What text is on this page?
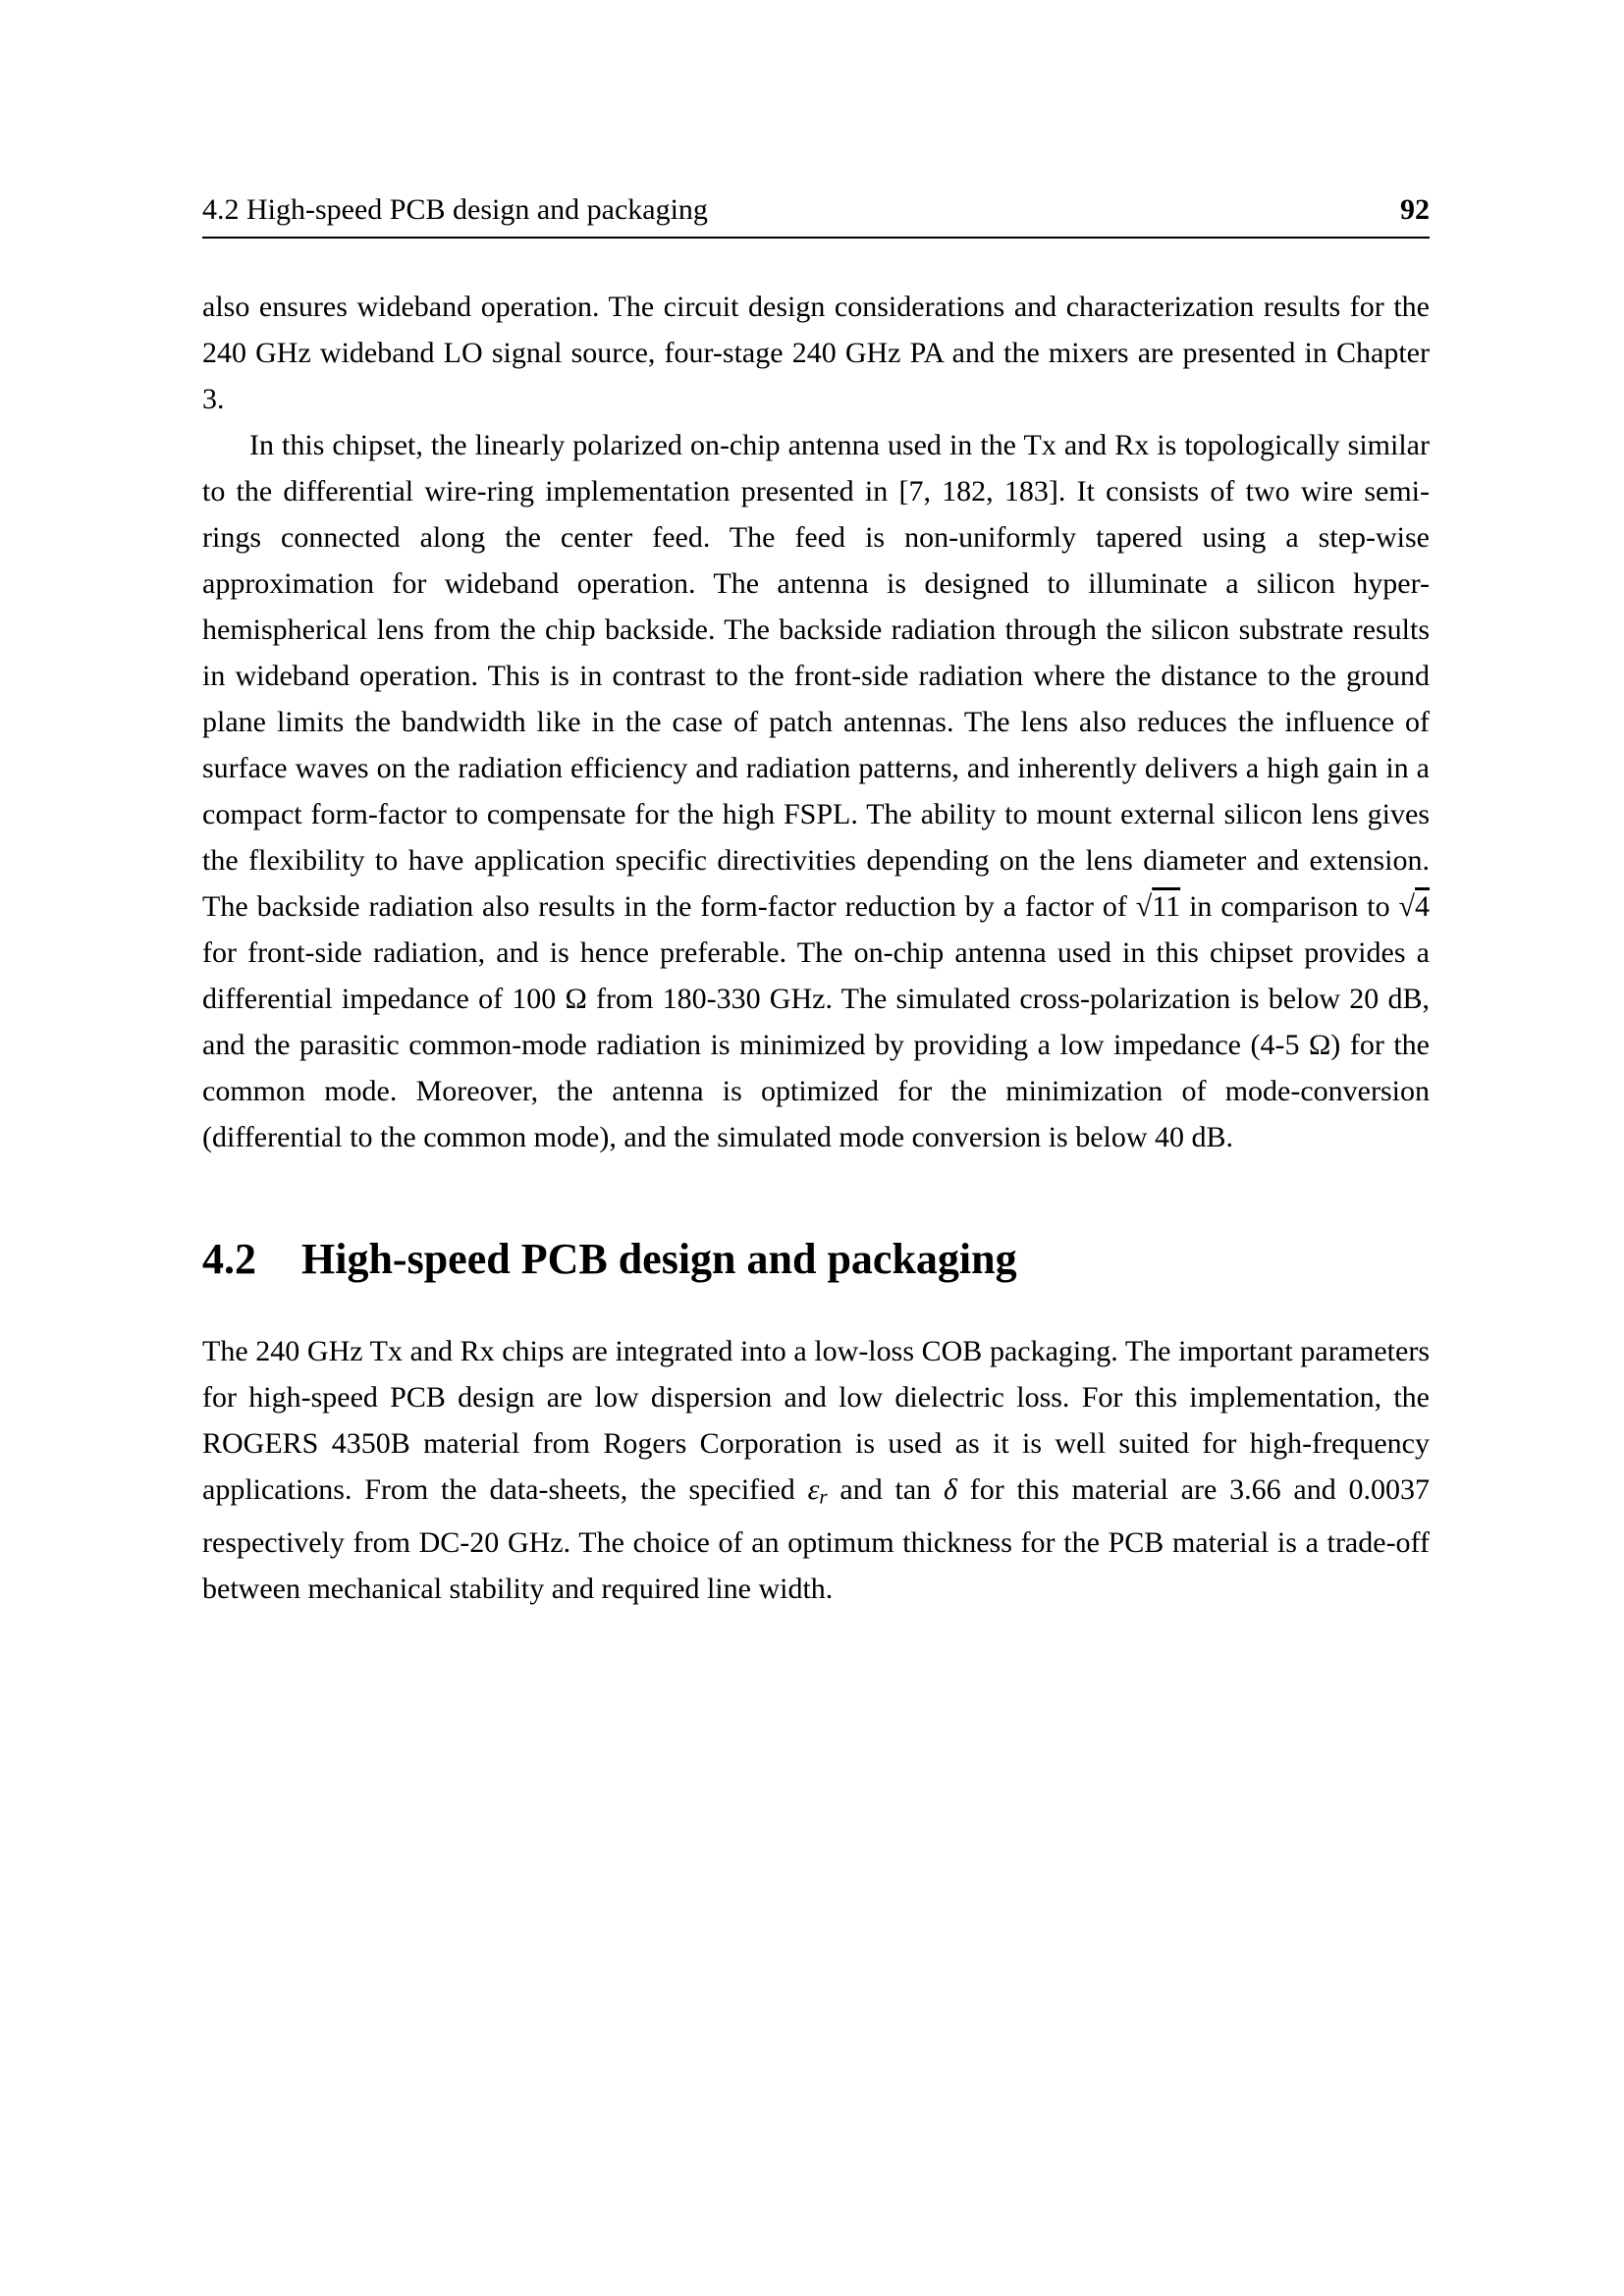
4.2 High-speed PCB design and packaging	92

also ensures wideband operation. The circuit design considerations and characterization results for the 240 GHz wideband LO signal source, four-stage 240 GHz PA and the mixers are presented in Chapter 3.

In this chipset, the linearly polarized on-chip antenna used in the Tx and Rx is topologically similar to the differential wire-ring implementation presented in [7, 182, 183]. It consists of two wire semi-rings connected along the center feed. The feed is non-uniformly tapered using a step-wise approximation for wideband operation. The antenna is designed to illuminate a silicon hyper-hemispherical lens from the chip backside. The backside radiation through the silicon substrate results in wideband operation. This is in contrast to the front-side radiation where the distance to the ground plane limits the bandwidth like in the case of patch antennas. The lens also reduces the influence of surface waves on the radiation efficiency and radiation patterns, and inherently delivers a high gain in a compact form-factor to compensate for the high FSPL. The ability to mount external silicon lens gives the flexibility to have application specific directivities depending on the lens diameter and extension. The backside radiation also results in the form-factor reduction by a factor of √11 in comparison to √4 for front-side radiation, and is hence preferable. The on-chip antenna used in this chipset provides a differential impedance of 100 Ω from 180-330 GHz. The simulated cross-polarization is below 20 dB, and the parasitic common-mode radiation is minimized by providing a low impedance (4-5 Ω) for the common mode. Moreover, the antenna is optimized for the minimization of mode-conversion (differential to the common mode), and the simulated mode conversion is below 40 dB.

4.2 High-speed PCB design and packaging

The 240 GHz Tx and Rx chips are integrated into a low-loss COB packaging. The important parameters for high-speed PCB design are low dispersion and low dielectric loss. For this implementation, the ROGERS 4350B material from Rogers Corporation is used as it is well suited for high-frequency applications. From the data-sheets, the specified εr and tan δ for this material are 3.66 and 0.0037 respectively from DC-20 GHz. The choice of an optimum thickness for the PCB material is a trade-off between mechanical stability and required line width.
